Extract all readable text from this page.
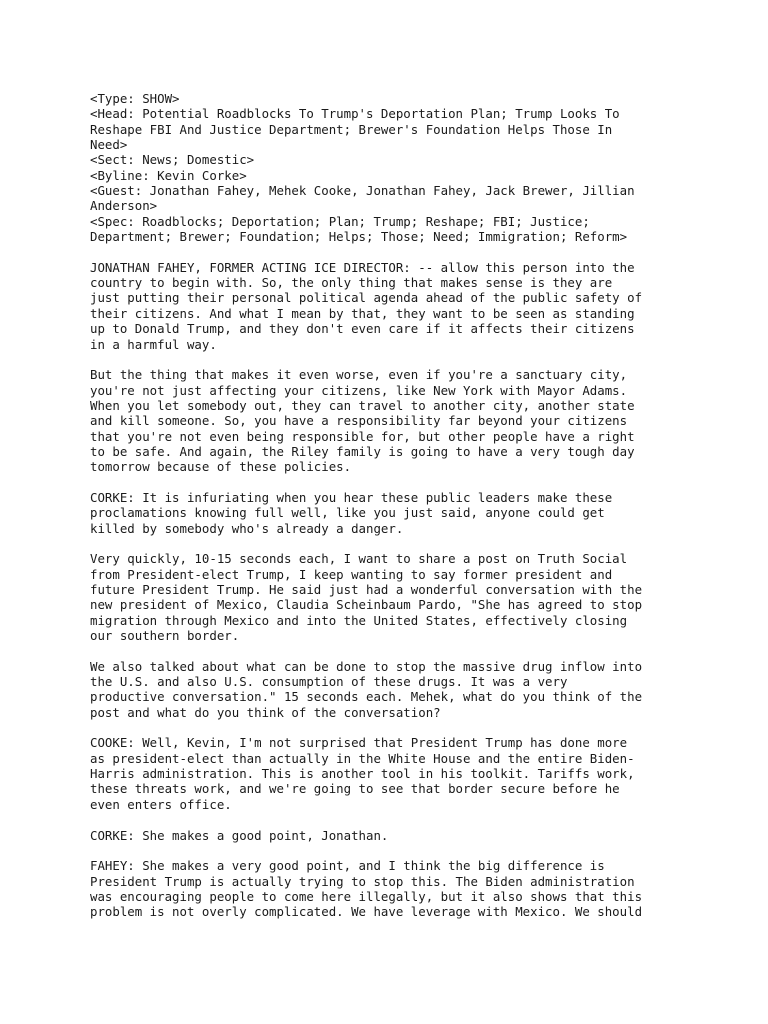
<Type: SHOW>
<Head: Potential Roadblocks To Trump's Deportation Plan; Trump Looks To
Reshape FBI And Justice Department; Brewer's Foundation Helps Those In
Need>
<Sect: News; Domestic>
<Byline: Kevin Corke>
<Guest: Jonathan Fahey, Mehek Cooke, Jonathan Fahey, Jack Brewer, Jillian
Anderson>
<Spec: Roadblocks; Deportation; Plan; Trump; Reshape; FBI; Justice;
Department; Brewer; Foundation; Helps; Those; Need; Immigration; Reform>
JONATHAN FAHEY, FORMER ACTING ICE DIRECTOR: -- allow this person into the
country to begin with. So, the only thing that makes sense is they are
just putting their personal political agenda ahead of the public safety of
their citizens. And what I mean by that, they want to be seen as standing
up to Donald Trump, and they don't even care if it affects their citizens
in a harmful way.
But the thing that makes it even worse, even if you're a sanctuary city,
you're not just affecting your citizens, like New York with Mayor Adams.
When you let somebody out, they can travel to another city, another state
and kill someone. So, you have a responsibility far beyond your citizens
that you're not even being responsible for, but other people have a right
to be safe. And again, the Riley family is going to have a very tough day
tomorrow because of these policies.
CORKE: It is infuriating when you hear these public leaders make these
proclamations knowing full well, like you just said, anyone could get
killed by somebody who's already a danger.
Very quickly, 10-15 seconds each, I want to share a post on Truth Social
from President-elect Trump, I keep wanting to say former president and
future President Trump. He said just had a wonderful conversation with the
new president of Mexico, Claudia Scheinbaum Pardo, "She has agreed to stop
migration through Mexico and into the United States, effectively closing
our southern border.
We also talked about what can be done to stop the massive drug inflow into
the U.S. and also U.S. consumption of these drugs. It was a very
productive conversation." 15 seconds each. Mehek, what do you think of the
post and what do you think of the conversation?
COOKE: Well, Kevin, I'm not surprised that President Trump has done more
as president-elect than actually in the White House and the entire Biden-
Harris administration. This is another tool in his toolkit. Tariffs work,
these threats work, and we're going to see that border secure before he
even enters office.
CORKE: She makes a good point, Jonathan.
FAHEY: She makes a very good point, and I think the big difference is
President Trump is actually trying to stop this. The Biden administration
was encouraging people to come here illegally, but it also shows that this
problem is not overly complicated. We have leverage with Mexico. We should
